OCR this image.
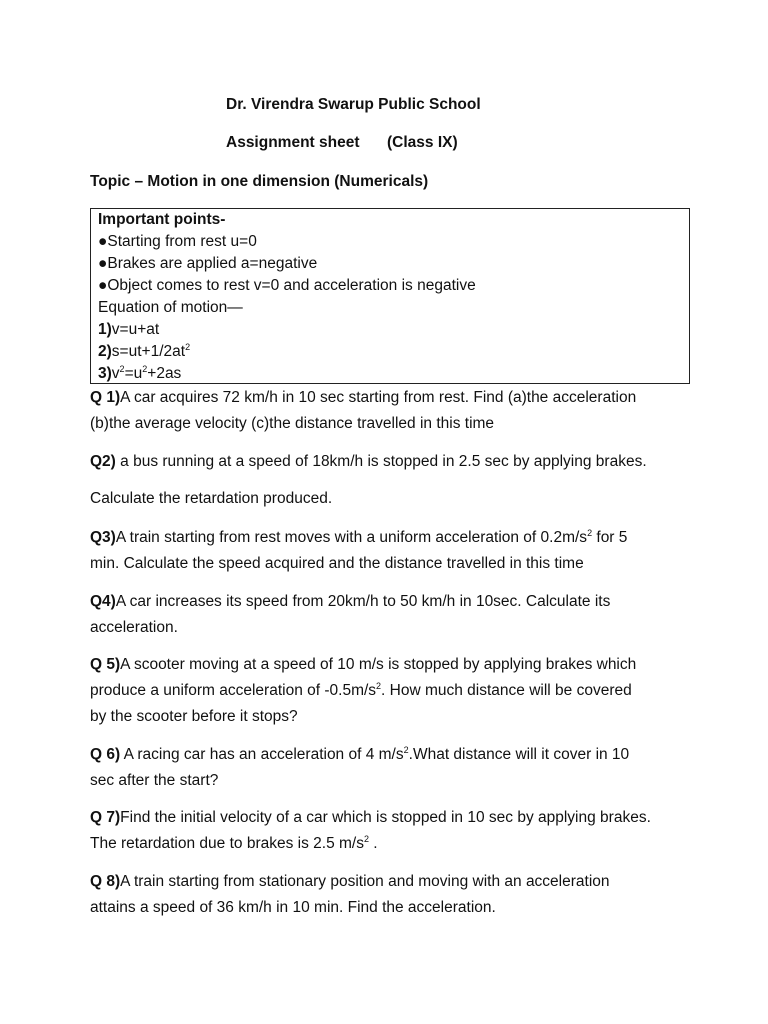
Dr. Virendra Swarup Public School
Assignment sheet (Class IX)
Topic – Motion in one dimension (Numericals)
Important points-
●Starting from rest u=0
●Brakes are applied a=negative
●Object comes to rest v=0 and acceleration is negative
Equation of motion—
1)v=u+at
$2)s=ut+1/2at^2$
$3)v^2=u^2+2as$
Q 1)A car acquires 72 km/h in 10 sec starting from rest. Find (a)the acceleration
(b)the average velocity (c)the distance travelled in this time
Q2) a bus running at a speed of 18km/h is stopped in 2.5 sec by applying brakes.
Calculate the retardation produced.
Q3)A train starting from rest moves with a uniform acceleration of $0.2m/s^2$ for 5
min. Calculate the speed acquired and the distance travelled in this time
Q4)A car increases its speed from 20km/h to 50 km/h in 10sec. Calculate its
acceleration.
Q 5)A scooter moving at a speed of 10 m/s is stopped by applying brakes which
produce a uniform acceleration of $-0.5m/s^2$. How much distance will be covered
by the scooter before it stops?
Q 6) A racing car has an acceleration of 4 $m/s^2.What$ distance will it cover in 10
sec after the start?
Q 7)Find the initial velocity of a car which is stopped in 10 sec by applying brakes.
The retardation due to brakes is 2.5 $m/s^2$ .
Q 8)A train starting from stationary position and moving with an acceleration
attains a speed of 36 km/h in 10 min. Find the acceleration.
